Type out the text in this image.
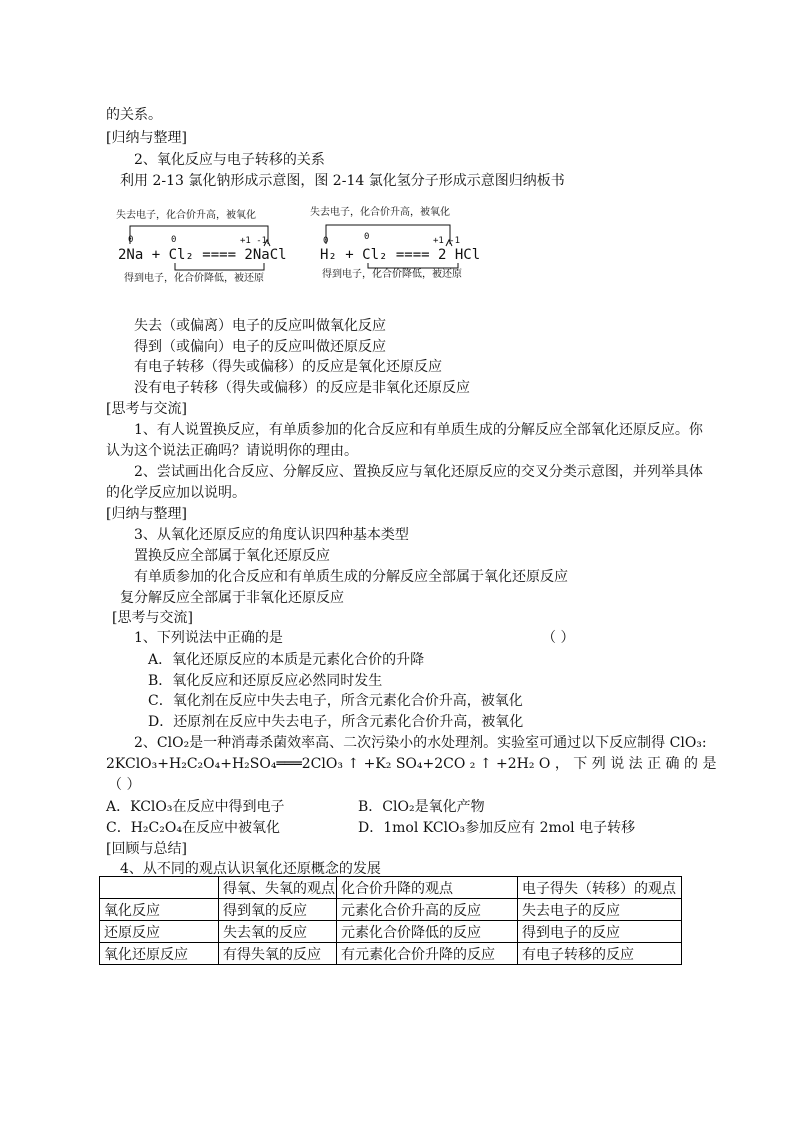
的关系。
[归纳与整理]
2、氧化反应与电子转移的关系
利用 2-13 氯化钠形成示意图，图 2-14 氯化氢分子形成示意图归纳板书
失去电子，化合价升高，被氧化
0	0	+1 -1
2Na + Cl₂ ==== 2NaCl
得到电子，化合价降低，被还原
失去电子，化合价升高，被氧化
0	0	+1 -1
H₂ + Cl₂ ==== 2 HCl
得到电子，化合价降低，被还原
失去（或偏离）电子的反应叫做氧化反应
得到（或偏向）电子的反应叫做还原反应
有电子转移（得失或偏移）的反应是氧化还原反应
没有电子转移（得失或偏移）的反应是非氧化还原反应
[思考与交流]
1、有人说置换反应，有单质参加的化合反应和有单质生成的分解反应全部氧化还原反应。你
认为这个说法正确吗？请说明你的理由。
2、尝试画出化合反应、分解反应、置换反应与氧化还原反应的交叉分类示意图，并列举具体
的化学反应加以说明。
[归纳与整理]
3、从氧化还原反应的角度认识四种基本类型
置换反应全部属于氧化还原反应
有单质参加的化合反应和有单质生成的分解反应全部属于氧化还原反应
复分解反应全部属于非氧化还原反应
[思考与交流]
1、下列说法中正确的是	（ ）
A．氧化还原反应的本质是元素化合价的升降
B．氧化反应和还原反应必然同时发生
C．氧化剂在反应中失去电子，所含元素化合价升高，被氧化
D．还原剂在反应中失去电子，所含元素化合价升高，被氧化
2、ClO₂是一种消毒杀菌效率高、二次污染小的水处理剂。实验室可通过以下反应制得 ClO₃:
2KClO₃+H₂C₂O₄+H₂SO₄═══2ClO₃ ↑ +K₂ SO₄+2CO ₂ ↑ +2H₂ O ， 下 列 说 法 正 确 的 是
（ ）
A．KClO₃在反应中得到电子	B．ClO₂是氧化产物
C．H₂C₂O₄在反应中被氧化	D．1mol KClO₃参加反应有 2mol 电子转移
[回顾与总结]
4、从不同的观点认识氧化还原概念的发展
	得氧、失氧的观点	化合价升降的观点	电子得失（转移）的观点
氧化反应	得到氧的反应	元素化合价升高的反应	失去电子的反应
还原反应	失去氧的反应	元素化合价降低的反应	得到电子的反应
氧化还原反应	有得失氧的反应	有元素化合价升降的反应	有电子转移的反应
